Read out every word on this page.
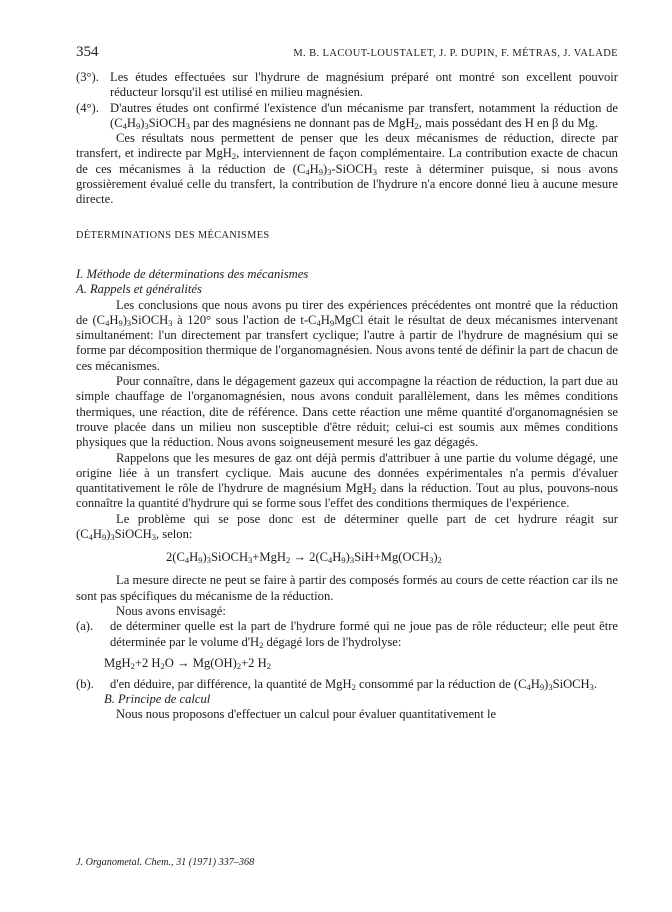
354	M. B. LACOUT-LOUSTALET, J. P. DUPIN, F. MÉTRAS, J. VALADE

(3°). Les études effectuées sur l'hydrure de magnésium préparé ont montré son excellent pouvoir réducteur lorsqu'il est utilisé en milieu magnésien.

(4°). D'autres études ont confirmé l'existence d'un mécanisme par transfert, notamment la réduction de $(C_4H_9)_3SiOCH_3$ par des magnésiens ne donnant pas de MgH$_2$, mais possédant des H en β du Mg.

Ces résultats nous permettent de penser que les deux mécanismes de réduction, directe par transfert, et indirecte par MgH$_2$, interviennent de façon complémentaire. La contribution exacte de chacun de ces mécanismes à la réduction de $(C_4H_9)_3-SiOCH_3$ reste à déterminer puisque, si nous avons grossièrement évalué celle du transfert, la contribution de l'hydrure n'a encore donné lieu à aucune mesure directe.

DÉTERMINATIONS DES MÉCANISMES

I. Méthode de déterminations des mécanismes

A. Rappels et généralités

Les conclusions que nous avons pu tirer des expériences précédentes ont montré que la réduction de $(C_4H_9)_3SiOCH_3$ à 120° sous l'action de $t-C_4H_9MgCl$ était le résultat de deux mécanismes intervenant simultanément: l'un directement par transfert cyclique; l'autre à partir de l'hydrure de magnésium qui se forme par décomposition thermique de l'organomagnésien. Nous avons tenté de définir la part de chacun de ces mécanismes.

Pour connaître, dans le dégagement gazeux qui accompagne la réaction de réduction, la part due au simple chauffage de l'organomagnésien, nous avons conduit parallèlement, dans les mêmes conditions thermiques, une réaction, dite de référence. Dans cette réaction une même quantité d'organomagnésien se trouve placée dans un milieu non susceptible d'être réduit; celui-ci est soumis aux mêmes conditions physiques que la réduction. Nous avons soigneusement mesuré les gaz dégagés.

Rappelons que les mesures de gaz ont déjà permis d'attribuer à une partie du volume dégagé, une origine liée à un transfert cyclique. Mais aucune des données expérimentales n'a permis d'évaluer quantitativement le rôle de l'hydrure de magnésium MgH$_2$ dans la réduction. Tout au plus, pouvons-nous connaître la quantité d'hydrure qui se forme sous l'effet des conditions thermiques de l'expérience.

Le problème qui se pose donc est de déterminer quelle part de cet hydrure réagit sur $(C_4H_9)_3SiOCH_3$, selon:

$2(C_4H_9)_3SiOCH_3+MgH_2 \to 2(C_4H_9)_3SiH+Mg(OCH_3)_2$

La mesure directe ne peut se faire à partir des composés formés au cours de cette réaction car ils ne sont pas spécifiques du mécanisme de la réduction.

Nous avons envisagé:

(a).	de déterminer quelle est la part de l'hydrure formé qui ne joue pas de rôle réducteur; elle peut être déterminée par le volume $d'H_2$ dégagé lors de l'hydrolyse:

MgH$_2$+2 $H_2O \to Mg(OH)_2+2$ $H_2$

(b).	d'en déduire, par différence, la quantité de MgH$_2$ consommé par la réduction de $(C_4H_9)_3SiOCH_3$.

B. Principe de calcul

Nous nous proposons d'effectuer un calcul pour évaluer quantitativement le

J. Organometal. Chem., 31 (1971) 337–368
